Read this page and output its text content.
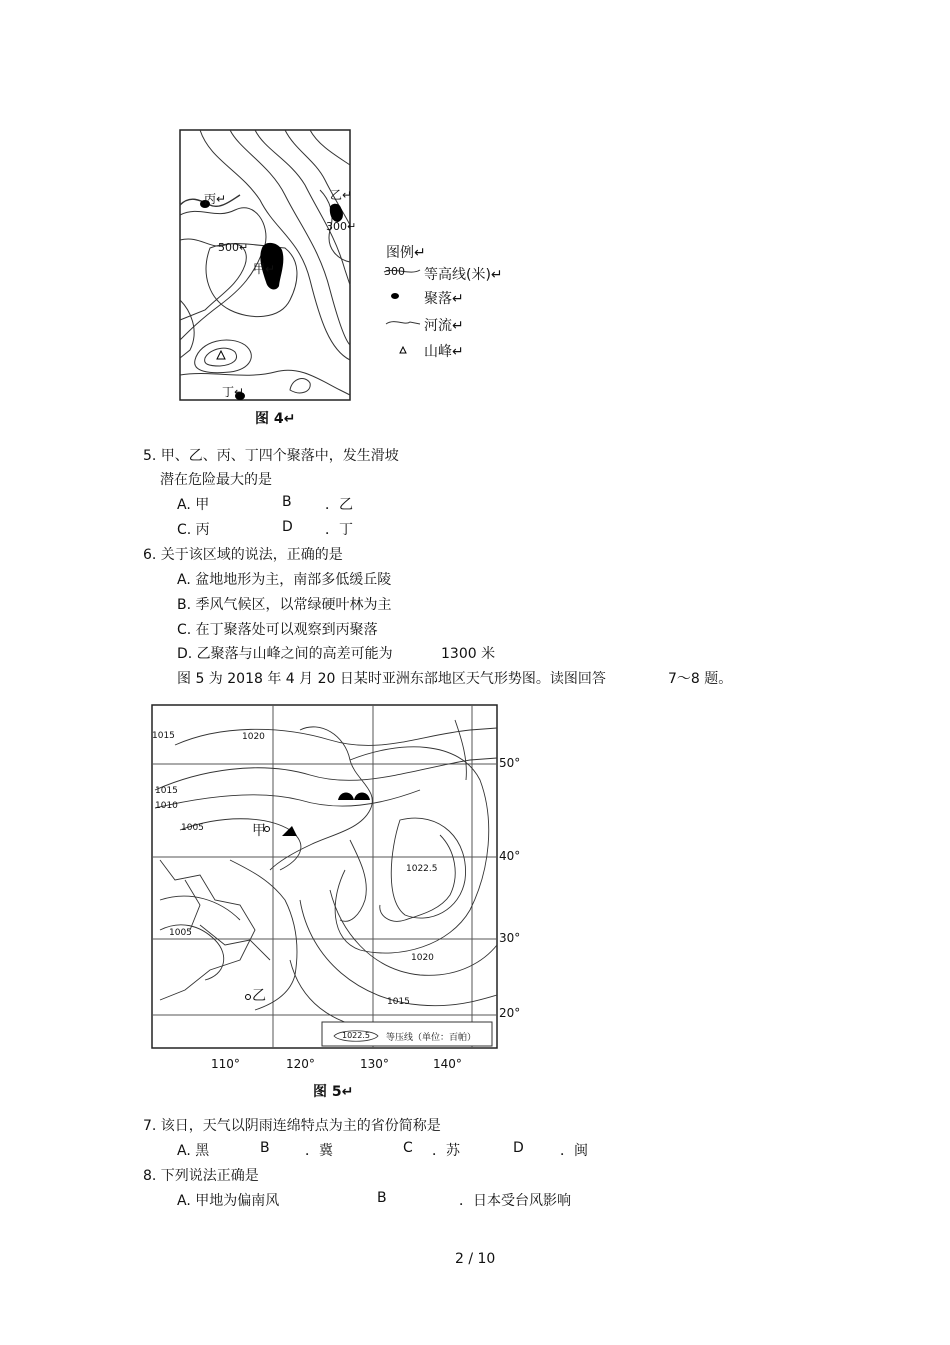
丙↵	乙↵
300↵
500↵
甲↵
丁↵
图例↵
300 等高线(米)↵
聚落↵
河流↵
山峰↵
图 4↵
5. 甲、乙、丙、丁四个聚落中，发生滑坡
潜在危险最大的是
A. 甲	B ．乙
C. 丙	D ．丁
6. 关于该区域的说法，正确的是
A. 盆地地形为主，南部多低缓丘陵
B. 季风气候区，以常绿硬叶林为主
C. 在丁聚落处可以观察到丙聚落
D. 乙聚落与山峰之间的高差可能为	1300 米
图 5 为 2018 年 4 月 20 日某时亚洲东部地区天气形势图。读图回答	7～8 题。
1015	1020
1015
1010
1005
1022.5
1005
1020
1015
50°
40°
30°
20°
110°	120°	130°	140°
甲
乙
1022.5 等压线（单位：百帕）
图 5↵
7. 该日，天气以阴雨连绵特点为主的省份简称是
A. 黑	B	．冀	C ．苏	D	．闽
8. 下列说法正确是
A. 甲地为偏南风	B	．日本受台风影响
2 / 10
